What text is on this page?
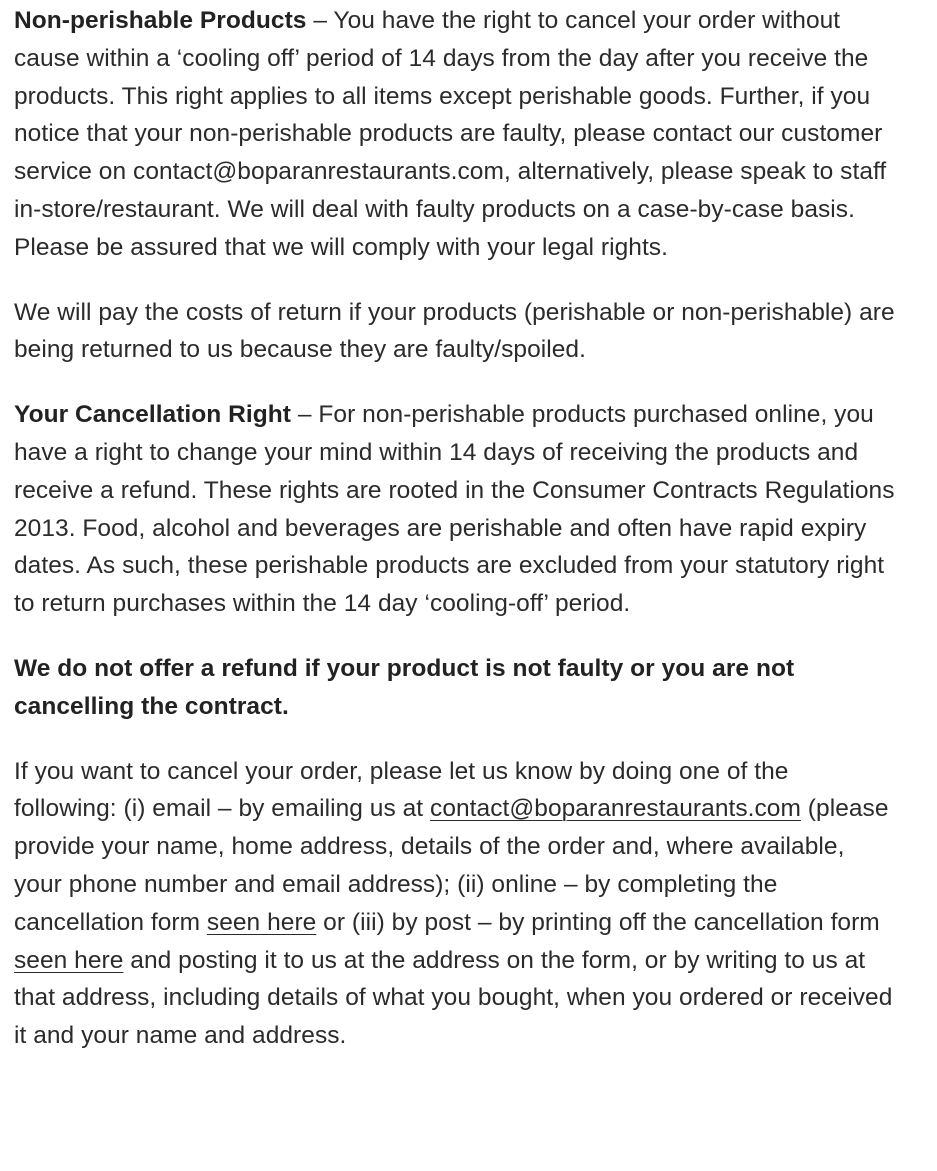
Non-perishable Products – You have the right to cancel your order without cause within a ‘cooling off’ period of 14 days from the day after you receive the products. This right applies to all items except perishable goods. Further, if you notice that your non-perishable products are faulty, please contact our customer service on contact@boparanrestaurants.com, alternatively, please speak to staff in-store/restaurant. We will deal with faulty products on a case-by-case basis. Please be assured that we will comply with your legal rights.

We will pay the costs of return if your products (perishable or non-perishable) are being returned to us because they are faulty/spoiled.

Your Cancellation Right – For non-perishable products purchased online, you have a right to change your mind within 14 days of receiving the products and receive a refund. These rights are rooted in the Consumer Contracts Regulations 2013. Food, alcohol and beverages are perishable and often have rapid expiry dates. As such, these perishable products are excluded from your statutory right to return purchases within the 14 day ‘cooling-off’ period.

We do not offer a refund if your product is not faulty or you are not cancelling the contract.

If you want to cancel your order, please let us know by doing one of the following: (i) email – by emailing us at contact@boparanrestaurants.com (please provide your name, home address, details of the order and, where available, your phone number and email address); (ii) online – by completing the cancellation form seen here or (iii) by post – by printing off the cancellation form seen here and posting it to us at the address on the form, or by writing to us at that address, including details of what you bought, when you ordered or received it and your name and address.
